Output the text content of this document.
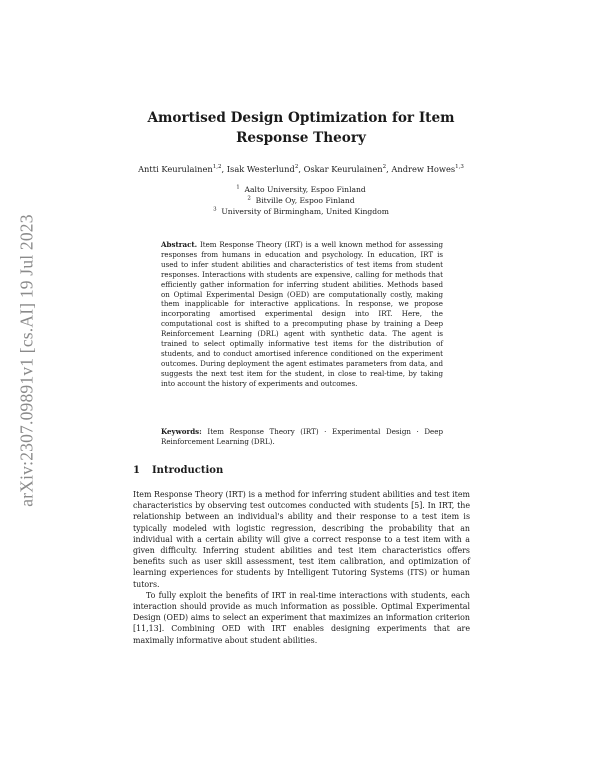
arXiv:2307.09891v1 [cs.AI] 19 Jul 2023
Amortised Design Optimization for Item Response Theory

Antti Keurulainen$^{1,2}$, Isak Westerlund$^2$, Oskar Keurulainen$^2$, Andrew Howes$^{1,3}$

$^1$ Aalto University, Espoo Finland

$^2$ Bitville Oy, Espoo Finland

$^3$ University of Birmingham, United Kingdom

Abstract. Item Response Theory (IRT) is a well known method for assessing responses from humans in education and psychology. In education, IRT is used to infer student abilities and characteristics of test items from student responses. Interactions with students are expensive, calling for methods that efficiently gather information for inferring student abilities. Methods based on Optimal Experimental Design (OED) are computationally costly, making them inapplicable for interactive applications. In response, we propose incorporating amortised experimental design into IRT. Here, the computational cost is shifted to a precomputing phase by training a Deep Reinforcement Learning (DRL) agent with synthetic data. The agent is trained to select optimally informative test items for the distribution of students, and to conduct amortised inference conditioned on the experiment outcomes. During deployment the agent estimates parameters from data, and suggests the next test item for the student, in close to real-time, by taking into account the history of experiments and outcomes.

Keywords: Item Response Theory (IRT) · Experimental Design · Deep Reinforcement Learning (DRL).

1 Introduction

Item Response Theory (IRT) is a method for inferring student abilities and test item characteristics by observing test outcomes conducted with students [5]. In IRT, the relationship between an individual's ability and their response to a test item is typically modeled with logistic regression, describing the probability that an individual with a certain ability will give a correct response to a test item with a given difficulty. Inferring student abilities and test item characteristics offers benefits such as user skill assessment, test item calibration, and optimization of learning experiences for students by Intelligent Tutoring Systems (ITS) or human tutors.

To fully exploit the benefits of IRT in real-time interactions with students, each interaction should provide as much information as possible. Optimal Experimental Design (OED) aims to select an experiment that maximizes an information criterion [11,13]. Combining OED with IRT enables designing experiments that are maximally informative about student abilities.
